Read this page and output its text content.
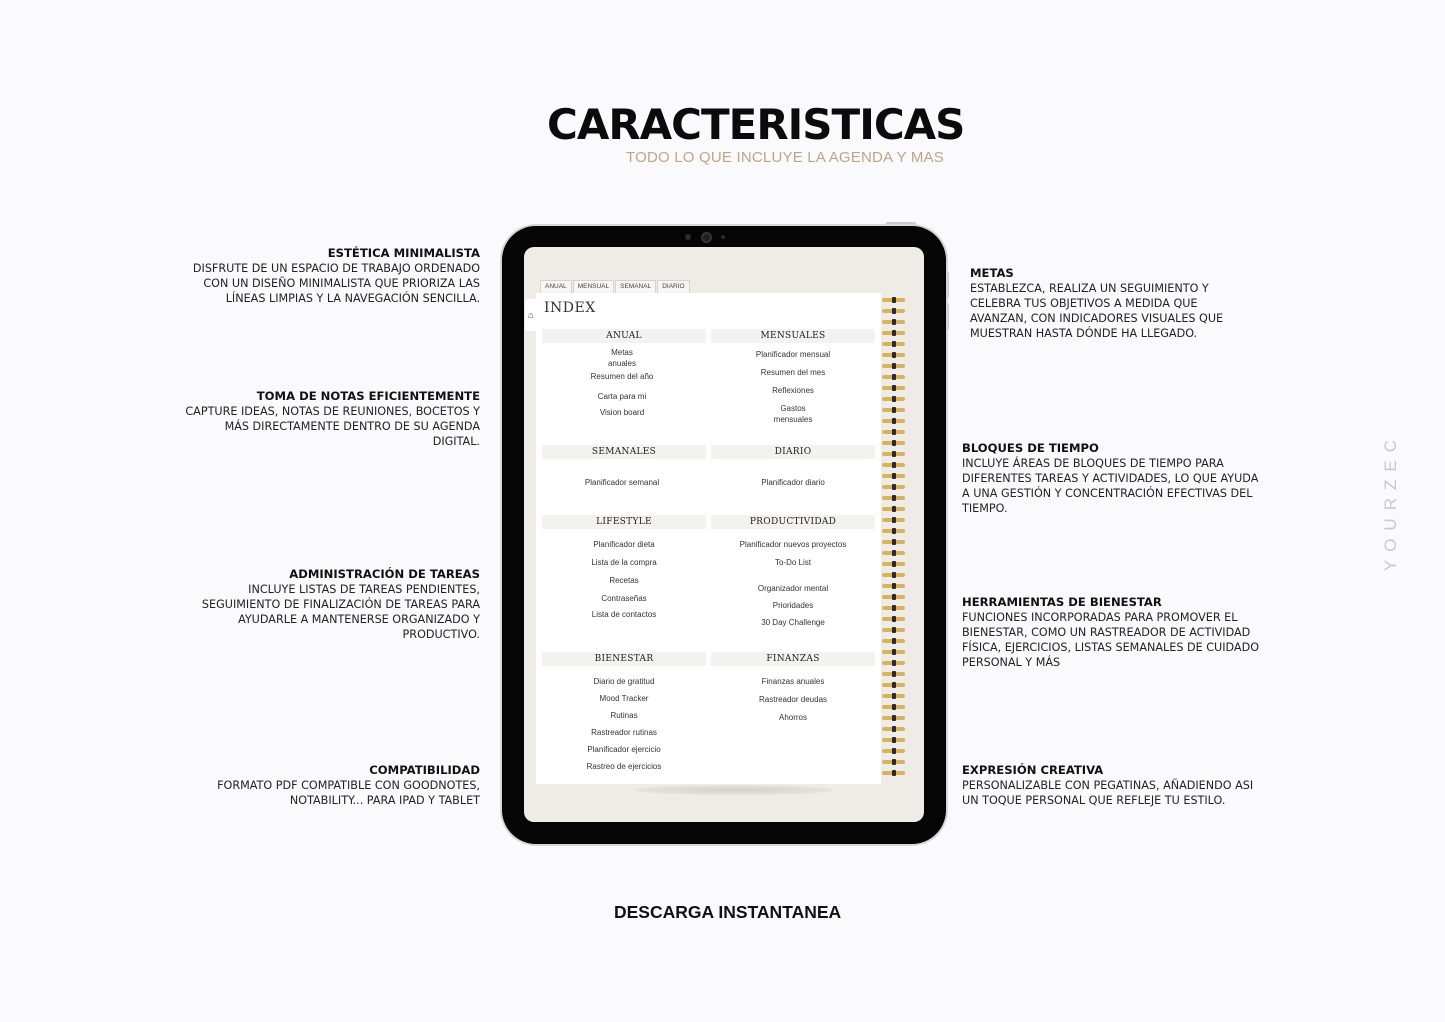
CARACTERISTICAS
TODO LO QUE INCLUYE LA AGENDA Y MAS
ESTÉTICA MINIMALISTA
DISFRUTE DE UN ESPACIO DE TRABAJO ORDENADO CON UN DISEÑO MINIMALISTA QUE PRIORIZA LAS LÍNEAS LIMPIAS Y LA NAVEGACIÓN SENCILLA.
TOMA DE NOTAS EFICIENTEMENTE
CAPTURE IDEAS, NOTAS DE REUNIONES, BOCETOS Y MÁS DIRECTAMENTE DENTRO DE SU AGENDA DIGITAL.
ADMINISTRACIÓN DE TAREAS
INCLUYE LISTAS DE TAREAS PENDIENTES, SEGUIMIENTO DE FINALIZACIÓN DE TAREAS PARA AYUDARLE A MANTENERSE ORGANIZADO Y PRODUCTIVO.
COMPATIBILIDAD
FORMATO PDF COMPATIBLE CON GOODNOTES, NOTABILITY... PARA IPAD Y TABLET
METAS
ESTABLEZCA, REALIZA UN SEGUIMIENTO Y CELEBRA TUS OBJETIVOS A MEDIDA QUE AVANZAN, CON INDICADORES VISUALES QUE MUESTRAN HASTA DÓNDE HA LLEGADO.
BLOQUES DE TIEMPO
INCLUYE ÁREAS DE BLOQUES DE TIEMPO PARA DIFERENTES TAREAS Y ACTIVIDADES, LO QUE AYUDA A UNA GESTIÓN Y CONCENTRACIÓN EFECTIVAS DEL TIEMPO.
HERRAMIENTAS DE BIENESTAR
FUNCIONES INCORPORADAS PARA PROMOVER EL BIENESTAR, COMO UN RASTREADOR DE ACTIVIDAD FÍSICA, EJERCICIOS, LISTAS SEMANALES DE CUIDADO PERSONAL Y MÁS
EXPRESIÓN CREATIVA
PERSONALIZABLE CON PEGATINAS, AÑADIENDO ASI UN TOQUE PERSONAL QUE REFLEJE TU ESTILO.
YOURZEC
ANUAL	MENSUAL	SEMANAL	DIARIO
⌂ INDEX
ANUAL
Metas
anuales
Resumen del año
Carta para mi
Vision board
MENSUALES
Planificador mensual
Resumen del mes
Reflexiones
Gastos
mensuales
SEMANALES
Planificador semanal
DIARIO
Planificador diario
LIFESTYLE
Planificador dieta
Lista de la compra
Recetas
Contraseñas
Lista de contactos
PRODUCTIVIDAD
Planificador nuevos proyectos
To-Do List
Organizador mental
Prioridades
30 Day Challenge
BIENESTAR
Diario de gratitud
Mood Tracker
Rutinas
Rastreador rutinas
Planificador ejercicio
Rastreo de ejercicios
FINANZAS
Finanzas anuales
Rastreador deudas
Ahorros
DESCARGA INSTANTANEA
